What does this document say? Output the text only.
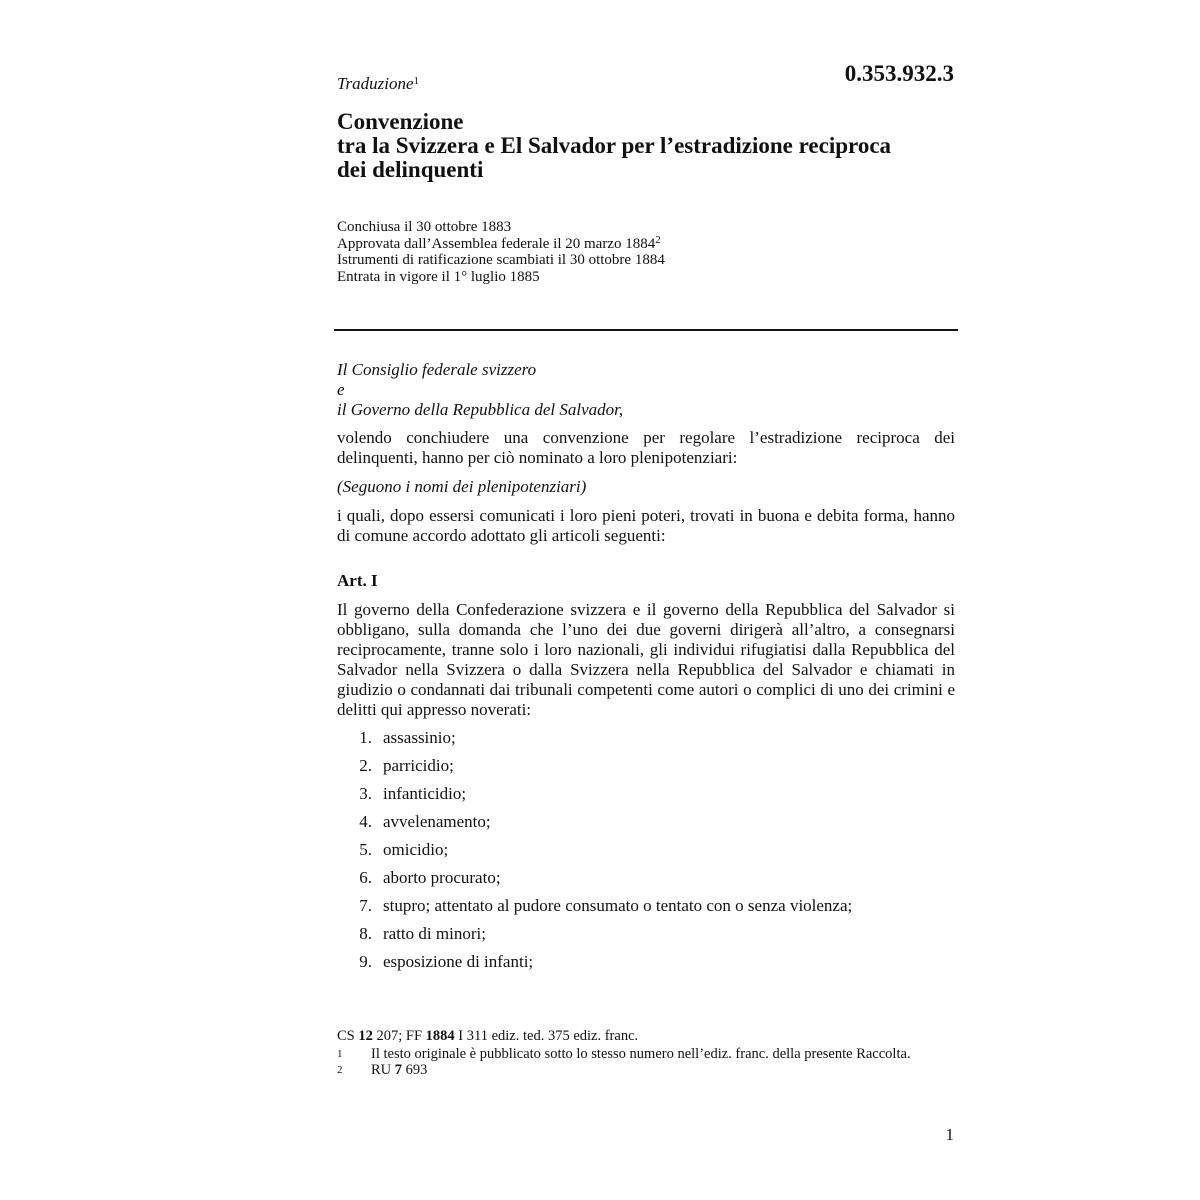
Traduzione$^1$	0.353.932.3
Convenzione
tra la Svizzera e El Salvador per l’estradizione reciproca
dei delinquenti
Conchiusa il 30 ottobre 1883
Approvata dall’Assemblea federale il 20 marzo 1884$^2$
Istrumenti di ratificazione scambiati il 30 ottobre 1884
Entrata in vigore il 1° luglio 1885
Il Consiglio federale svizzero
e
il Governo della Repubblica del Salvador,
volendo conchiudere una convenzione per regolare l’estradizione reciproca dei delinquenti, hanno per ciò nominato a loro plenipotenziari:
(Seguono i nomi dei plenipotenziari)
i quali, dopo essersi comunicati i loro pieni poteri, trovati in buona e debita forma, hanno di comune accordo adottato gli articoli seguenti:
Art. I
Il governo della Confederazione svizzera e il governo della Repubblica del Salvador si obbligano, sulla domanda che l’uno dei due governi dirigerà all’altro, a consegnarsi reciprocamente, tranne solo i loro nazionali, gli individui rifugiatisi dalla Repubblica del Salvador nella Svizzera o dalla Svizzera nella Repubblica del Salvador e chiamati in giudizio o condannati dai tribunali competenti come autori o complici di uno dei crimini e delitti qui appresso noverati:
1. assassinio;
2. parricidio;
3. infanticidio;
4. avvelenamento;
5. omicidio;
6. aborto procurato;
7. stupro; attentato al pudore consumato o tentato con o senza violenza;
8. ratto di minori;
9. esposizione di infanti;
CS 12 207; FF 1884 I 311 ediz. ted. 375 ediz. franc.
1	Il testo originale è pubblicato sotto lo stesso numero nell’ediz. franc. della presente Raccolta.
2	RU 7 693
1
